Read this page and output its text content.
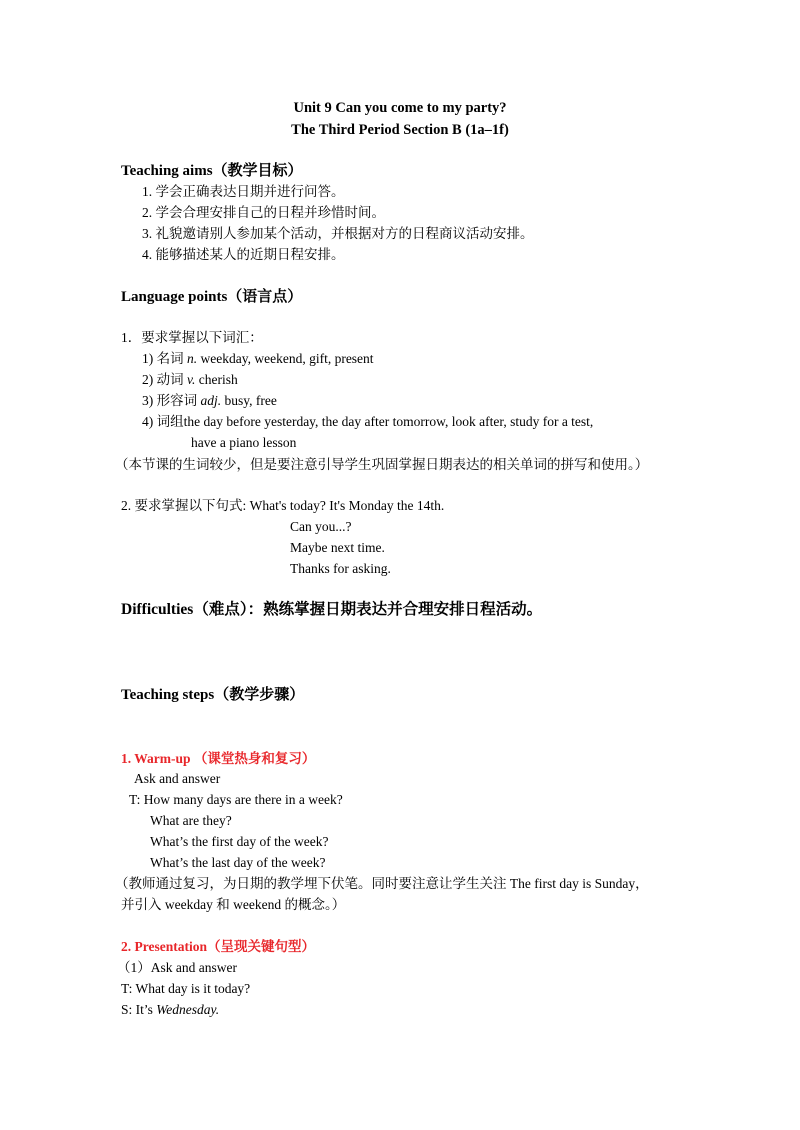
Unit 9 Can you come to my party?
The Third Period Section B (1a–1f)
Teaching aims（教学目标）
1. 学会正确表达日期并进行问答。
2. 学会合理安排自己的日程并珍惜时间。
3. 礼貌邀请别人参加某个活动，并根据对方的日程商议活动安排。
4. 能够描述某人的近期日程安排。
Language points（语言点）
1．要求掌握以下词汇：
1) 名词 n. weekday, weekend, gift, present
2) 动词 v. cherish
3) 形容词 adj. busy, free
4) 词组the day before yesterday, the day after tomorrow, look after, study for a test,
have a piano lesson
（本节课的生词较少，但是要注意引导学生巩固掌握日期表达的相关单词的拼写和使用。）
2. 要求掌握以下句式: What's today? It's Monday the 14th.
Can you...?
Maybe next time.
Thanks for asking.
Difficulties（难点）：熟练掌握日期表达并合理安排日程活动。
Teaching steps（教学步骤）
1. Warm-up （课堂热身和复习）
Ask and answer
T: How many days are there in a week?
What are they?
What’s the first day of the week?
What’s the last day of the week?
（教师通过复习，为日期的教学埋下伏笔。同时要注意让学生关注 The first day is Sunday，
并引入 weekday 和 weekend 的概念。）
2. Presentation（呈现关键句型）
（1）Ask and answer
T: What day is it today?
S: It’s Wednesday.
